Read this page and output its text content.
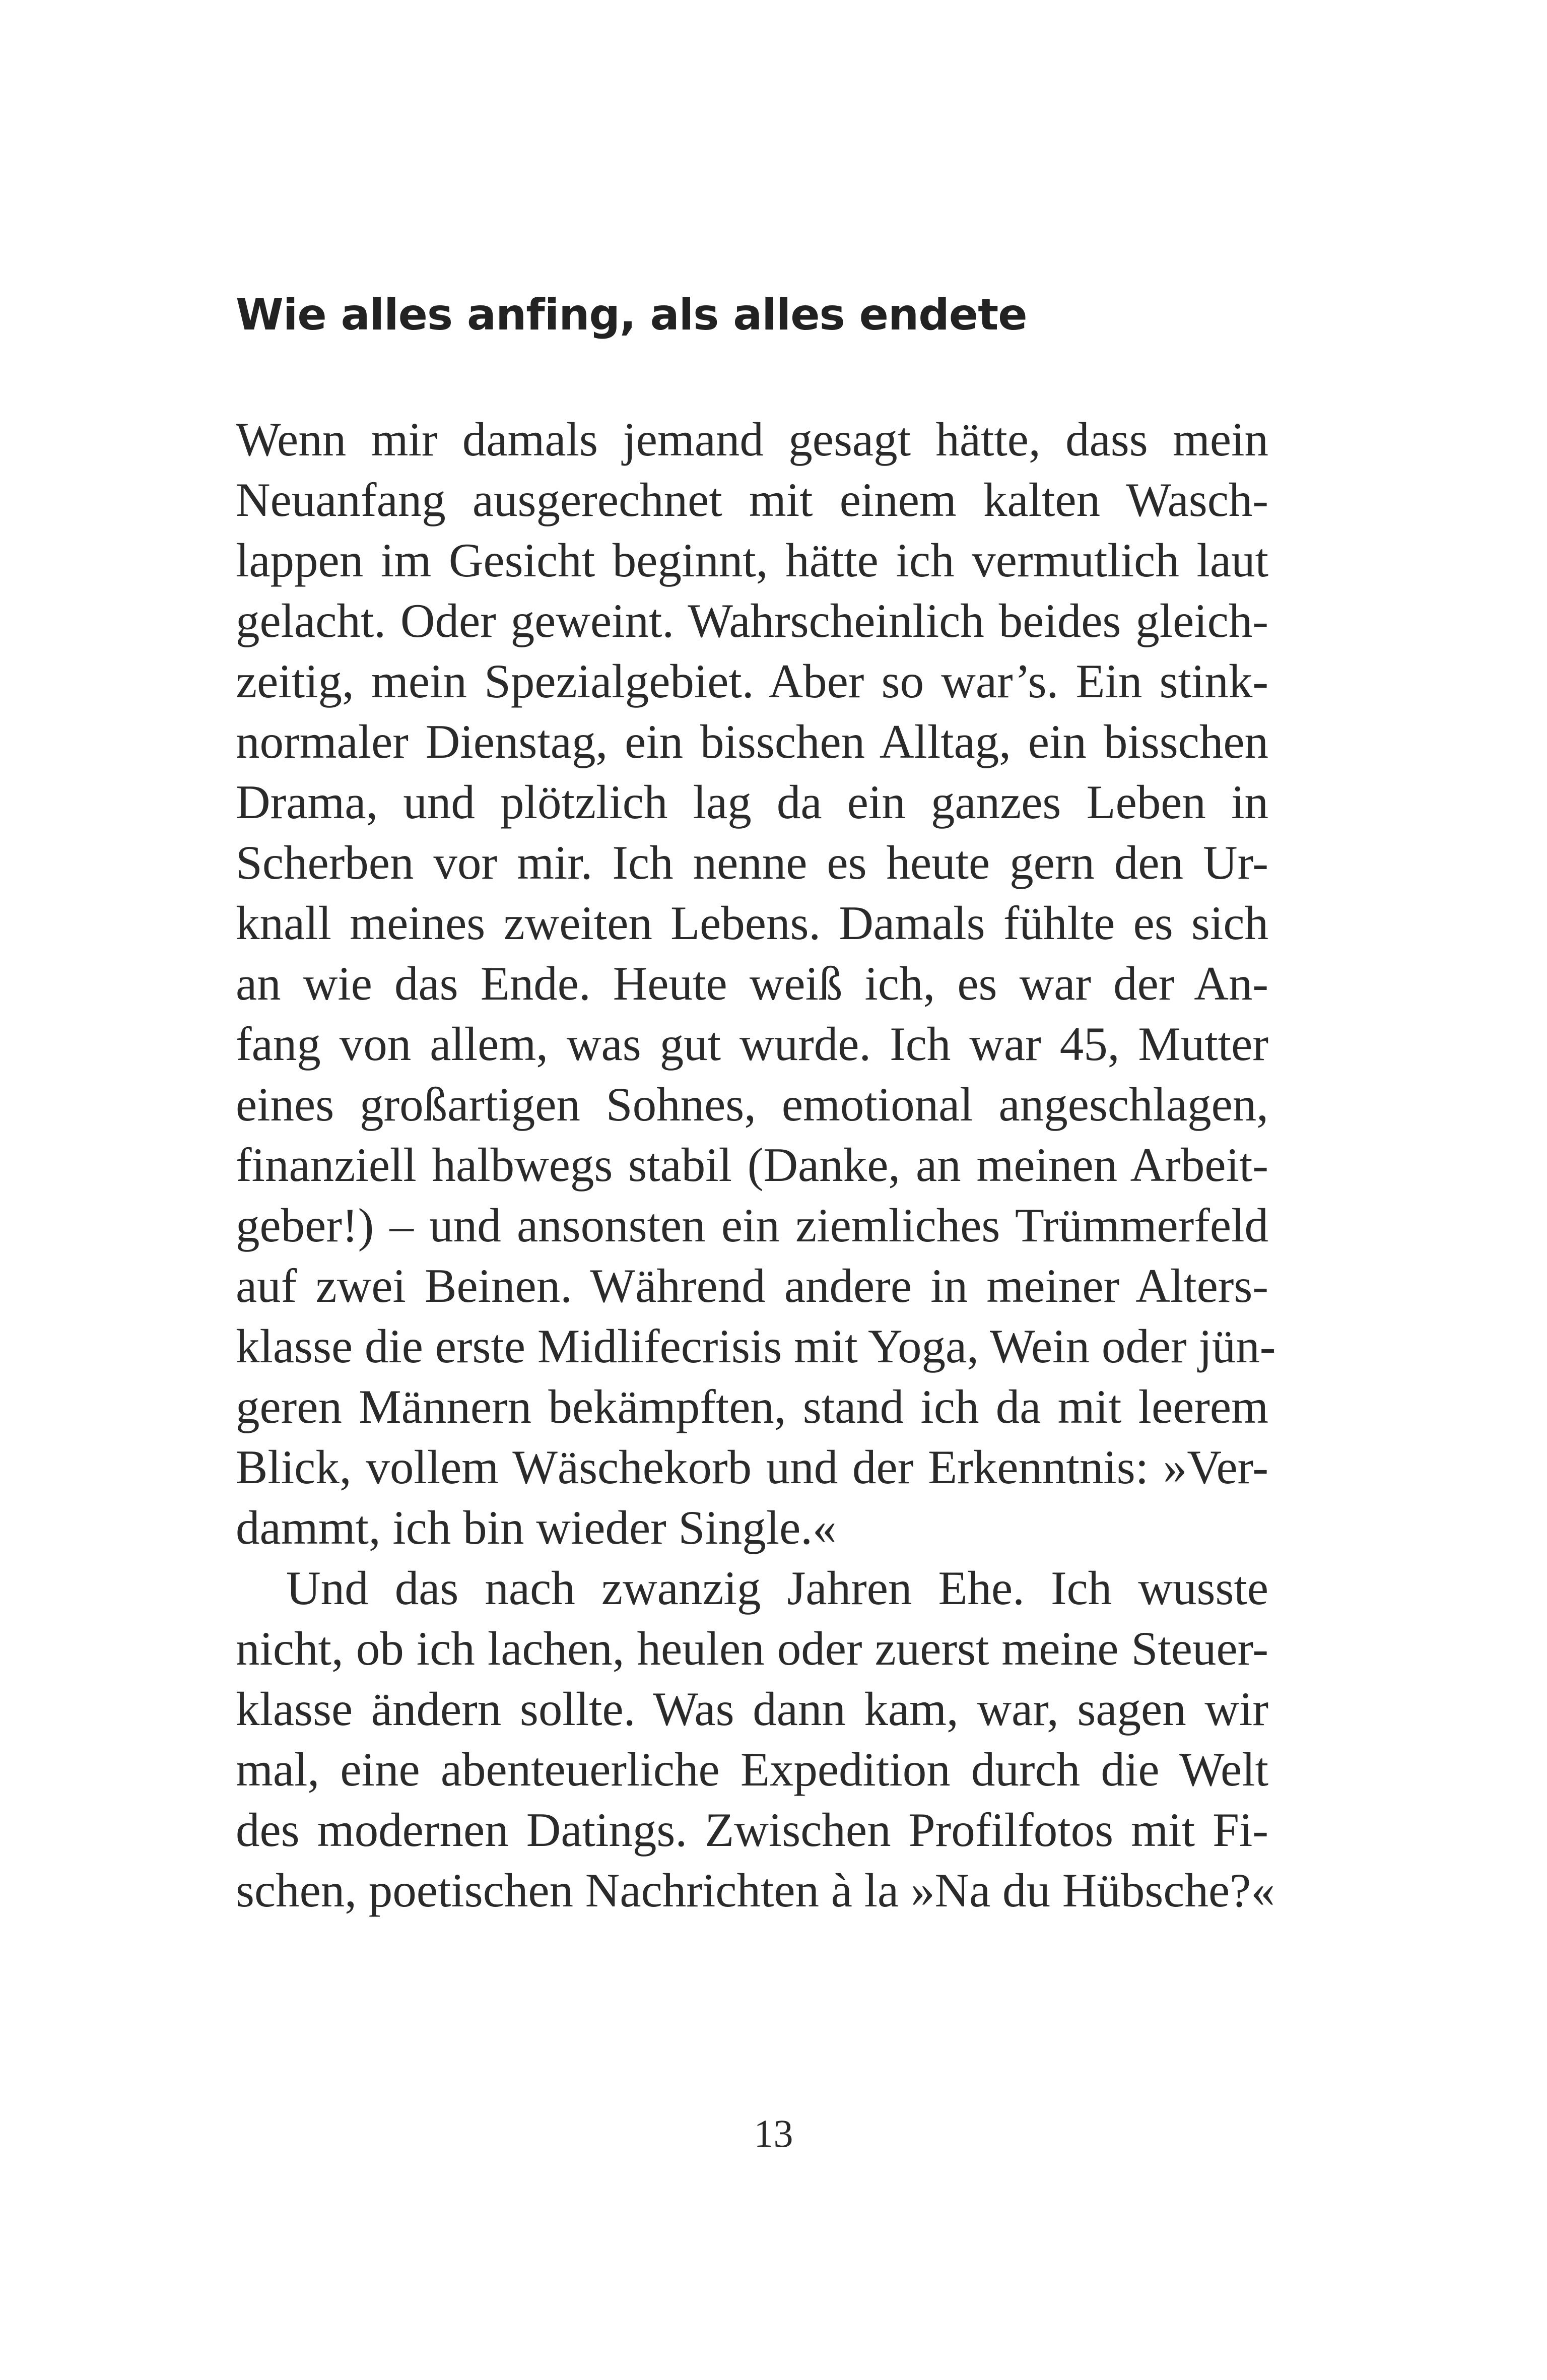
Wie alles anfing, als alles endete
Wenn mir damals jemand gesagt hätte, dass mein
Neuanfang ausgerechnet mit einem kalten Wasch-
lappen im Gesicht beginnt, hätte ich vermutlich laut
gelacht. Oder geweint. Wahrscheinlich beides gleich-
zeitig, mein Spezialgebiet. Aber so war’s. Ein stink-
normaler Dienstag, ein bisschen Alltag, ein bisschen
Drama, und plötzlich lag da ein ganzes Leben in
Scherben vor mir. Ich nenne es heute gern den Ur-
knall meines zweiten Lebens. Damals fühlte es sich
an wie das Ende. Heute weiß ich, es war der An-
fang von allem, was gut wurde. Ich war 45, Mutter
eines großartigen Sohnes, emotional angeschlagen,
finanziell halbwegs stabil (Danke, an meinen Arbeit-
geber!) – und ansonsten ein ziemliches Trümmerfeld
auf zwei Beinen. Während andere in meiner Alters-
klasse die erste Midlifecrisis mit Yoga, Wein oder jün-
geren Männern bekämpften, stand ich da mit leerem
Blick, vollem Wäschekorb und der Erkenntnis: »Ver-
dammt, ich bin wieder Single.«
Und das nach zwanzig Jahren Ehe. Ich wusste
nicht, ob ich lachen, heulen oder zuerst meine Steuer-
klasse ändern sollte. Was dann kam, war, sagen wir
mal, eine abenteuerliche Expedition durch die Welt
des modernen Datings. Zwischen Profilfotos mit Fi-
schen, poetischen Nachrichten à la »Na du Hübsche?«
13
